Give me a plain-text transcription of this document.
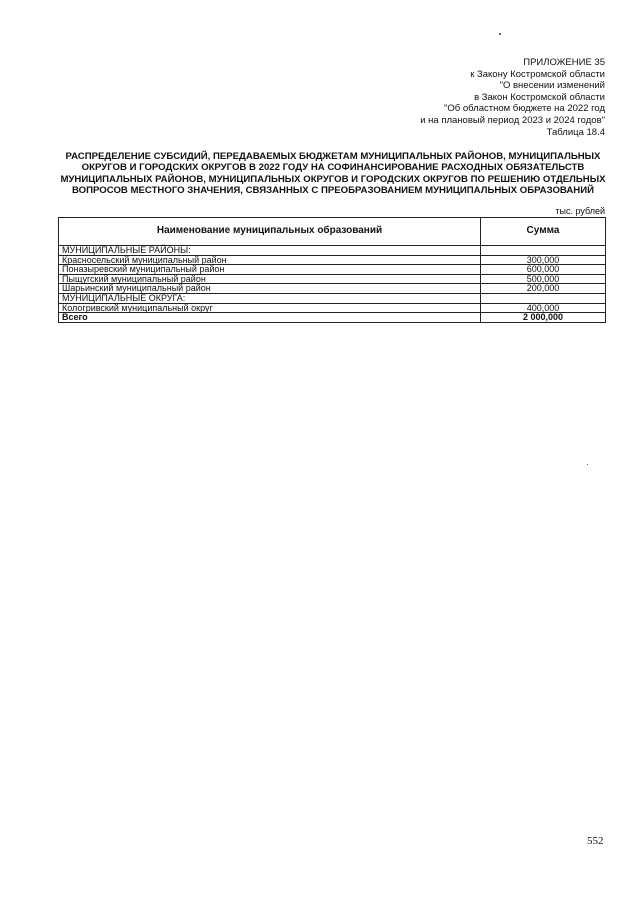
ПРИЛОЖЕНИЕ 35
к Закону Костромской области
"О внесении изменений
в Закон Костромской области
"Об областном бюджете на 2022 год
и на плановый период 2023 и 2024 годов"
Таблица 18.4
РАСПРЕДЕЛЕНИЕ СУБСИДИЙ, ПЕРЕДАВАЕМЫХ БЮДЖЕТАМ МУНИЦИПАЛЬНЫХ РАЙОНОВ, МУНИЦИПАЛЬНЫХ ОКРУГОВ И ГОРОДСКИХ ОКРУГОВ В 2022 ГОДУ НА СОФИНАНСИРОВАНИЕ РАСХОДНЫХ ОБЯЗАТЕЛЬСТВ МУНИЦИПАЛЬНЫХ РАЙОНОВ, МУНИЦИПАЛЬНЫХ ОКРУГОВ И ГОРОДСКИХ ОКРУГОВ ПО РЕШЕНИЮ ОТДЕЛЬНЫХ ВОПРОСОВ МЕСТНОГО ЗНАЧЕНИЯ, СВЯЗАННЫХ С ПРЕОБРАЗОВАНИЕМ МУНИЦИПАЛЬНЫХ ОБРАЗОВАНИЙ
тыс. рублей
Наименование муниципальных образований	Сумма
МУНИЦИПАЛЬНЫЕ РАЙОНЫ:	
Красносельский муниципальный район	300,000
Поназыревский муниципальный район	600,000
Пыщугский муниципальный район	500,000
Шарьинский муниципальный район	200,000
МУНИЦИПАЛЬНЫЕ ОКРУГА:	
Кологривский муниципальный округ	400,000
Всего	2 000,000
552
